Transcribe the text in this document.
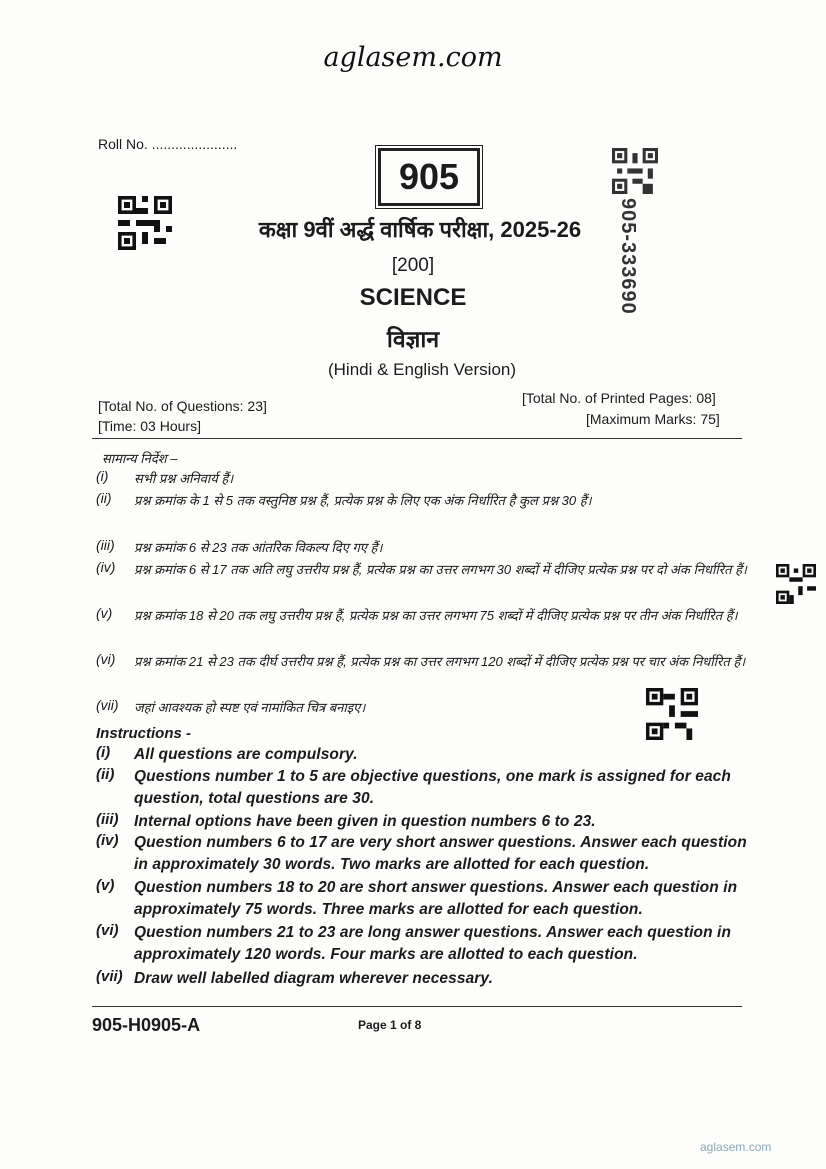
aglasem.com
Roll No. ......................
905
905-333690
कक्षा 9वीं अर्द्ध वार्षिक परीक्षा, 2025-26
[200]
SCIENCE
विज्ञान
(Hindi & English Version)
[Total No. of Questions: 23]
[Time: 03 Hours]
[Total No. of Printed Pages: 08]
[Maximum Marks: 75]
सामान्य निर्देश –
(i)	सभी प्रश्न अनिवार्य हैं।
(ii)	प्रश्न क्रमांक के 1 से 5 तक वस्तुनिष्ठ प्रश्न हैं, प्रत्येक प्रश्न के लिए एक अंक निर्धारित है कुल प्रश्न 30 हैं।
(iii)	प्रश्न क्रमांक 6 से 23 तक आंतरिक विकल्प दिए गए हैं।
(iv)	प्रश्न क्रमांक 6 से 17 तक अति लघु उत्तरीय प्रश्न हैं, प्रत्येक प्रश्न का उत्तर लगभग 30 शब्दों में दीजिए प्रत्येक प्रश्न पर दो अंक निर्धारित हैं।
(v)	प्रश्न क्रमांक 18 से 20 तक लघु उत्तरीय प्रश्न हैं, प्रत्येक प्रश्न का उत्तर लगभग 75 शब्दों में दीजिए प्रत्येक प्रश्न पर तीन अंक निर्धारित हैं।
(vi)	प्रश्न क्रमांक 21 से 23 तक दीर्घ उत्तरीय प्रश्न हैं, प्रत्येक प्रश्न का उत्तर लगभग 120 शब्दों में दीजिए प्रत्येक प्रश्न पर चार अंक निर्धारित हैं।
(vii)	जहां आवश्यक हो स्पष्ट एवं नामांकित चित्र बनाइए।
Instructions -
(i)	All questions are compulsory.
(ii)	Questions number 1 to 5 are objective questions, one mark is assigned for each question, total questions are 30.
(iii)	Internal options have been given in question numbers 6 to 23.
(iv)	Question numbers 6 to 17 are very short answer questions. Answer each question in approximately 30 words. Two marks are allotted for each question.
(v)	Question numbers 18 to 20 are short answer questions. Answer each question in approximately 75 words. Three marks are allotted for each question.
(vi)	Question numbers 21 to 23 are long answer questions. Answer each question in approximately 120 words. Four marks are allotted to each question.
(vii) Draw well labelled diagram wherever necessary.
905-H0905-A	Page 1 of 8
aglasem.com
